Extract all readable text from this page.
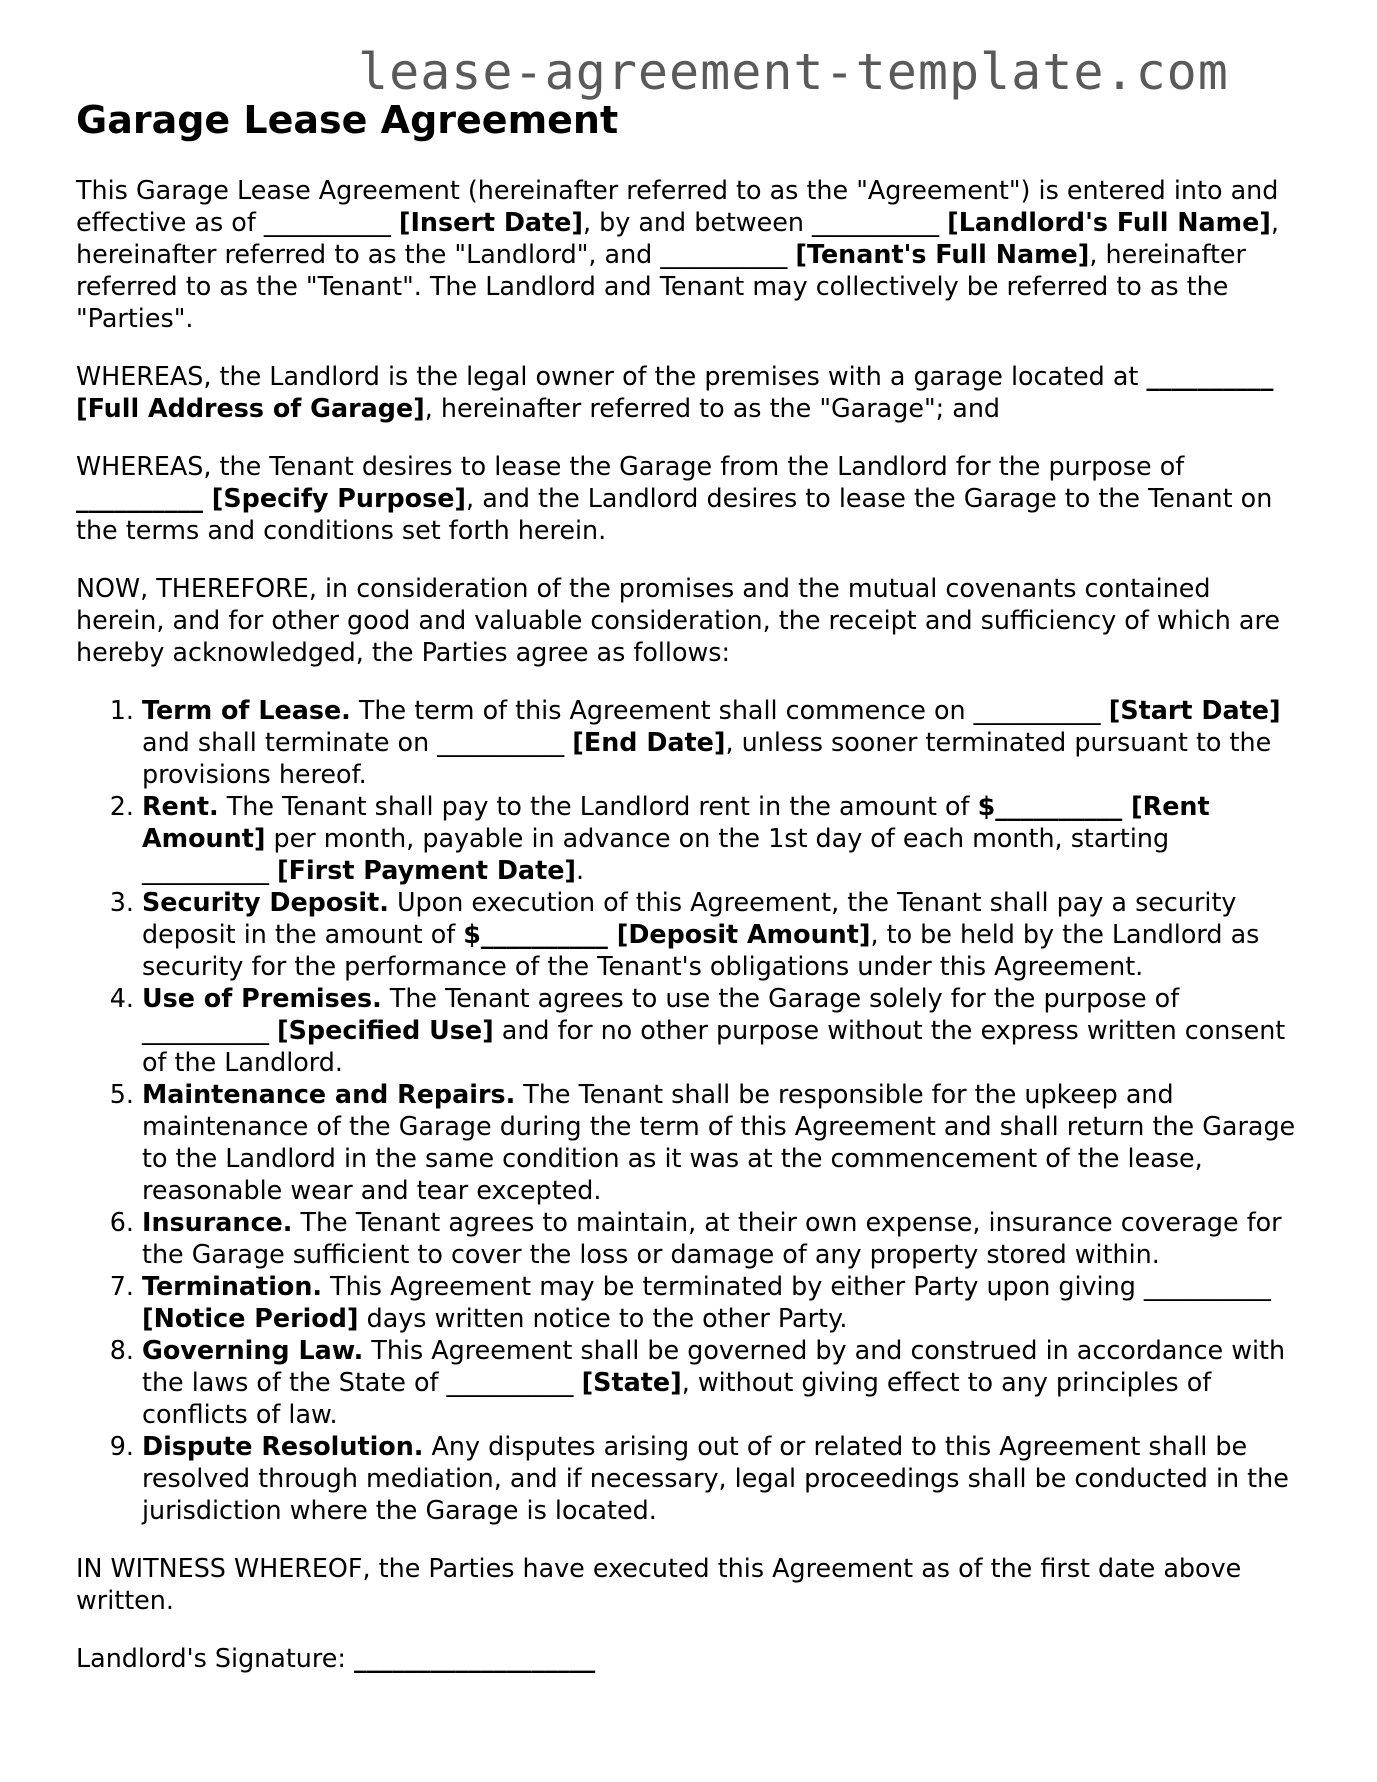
lease-agreement-template.com
Garage Lease Agreement

This Garage Lease Agreement (hereinafter referred to as the "Agreement") is entered into and effective as of __________ [Insert Date], by and between __________ [Landlord's Full Name], hereinafter referred to as the "Landlord", and __________ [Tenant's Full Name], hereinafter referred to as the "Tenant". The Landlord and Tenant may collectively be referred to as the "Parties".

WHEREAS, the Landlord is the legal owner of the premises with a garage located at __________ [Full Address of Garage], hereinafter referred to as the "Garage"; and

WHEREAS, the Tenant desires to lease the Garage from the Landlord for the purpose of __________ [Specify Purpose], and the Landlord desires to lease the Garage to the Tenant on the terms and conditions set forth herein.

NOW, THEREFORE, in consideration of the promises and the mutual covenants contained herein, and for other good and valuable consideration, the receipt and sufficiency of which are hereby acknowledged, the Parties agree as follows:

1. Term of Lease. The term of this Agreement shall commence on __________ [Start Date] and shall terminate on __________ [End Date], unless sooner terminated pursuant to the provisions hereof.
2. Rent. The Tenant shall pay to the Landlord rent in the amount of $__________ [Rent Amount] per month, payable in advance on the 1st day of each month, starting __________ [First Payment Date].
3. Security Deposit. Upon execution of this Agreement, the Tenant shall pay a security deposit in the amount of $__________ [Deposit Amount], to be held by the Landlord as security for the performance of the Tenant's obligations under this Agreement.
4. Use of Premises. The Tenant agrees to use the Garage solely for the purpose of __________ [Specified Use] and for no other purpose without the express written consent of the Landlord.
5. Maintenance and Repairs. The Tenant shall be responsible for the upkeep and maintenance of the Garage during the term of this Agreement and shall return the Garage to the Landlord in the same condition as it was at the commencement of the lease, reasonable wear and tear excepted.
6. Insurance. The Tenant agrees to maintain, at their own expense, insurance coverage for the Garage sufficient to cover the loss or damage of any property stored within.
7. Termination. This Agreement may be terminated by either Party upon giving __________ [Notice Period] days written notice to the other Party.
8. Governing Law. This Agreement shall be governed by and construed in accordance with the laws of the State of __________ [State], without giving effect to any principles of conflicts of law.
9. Dispute Resolution. Any disputes arising out of or related to this Agreement shall be resolved through mediation, and if necessary, legal proceedings shall be conducted in the jurisdiction where the Garage is located.

IN WITNESS WHEREOF, the Parties have executed this Agreement as of the first date above written.

Landlord's Signature: ___________________
